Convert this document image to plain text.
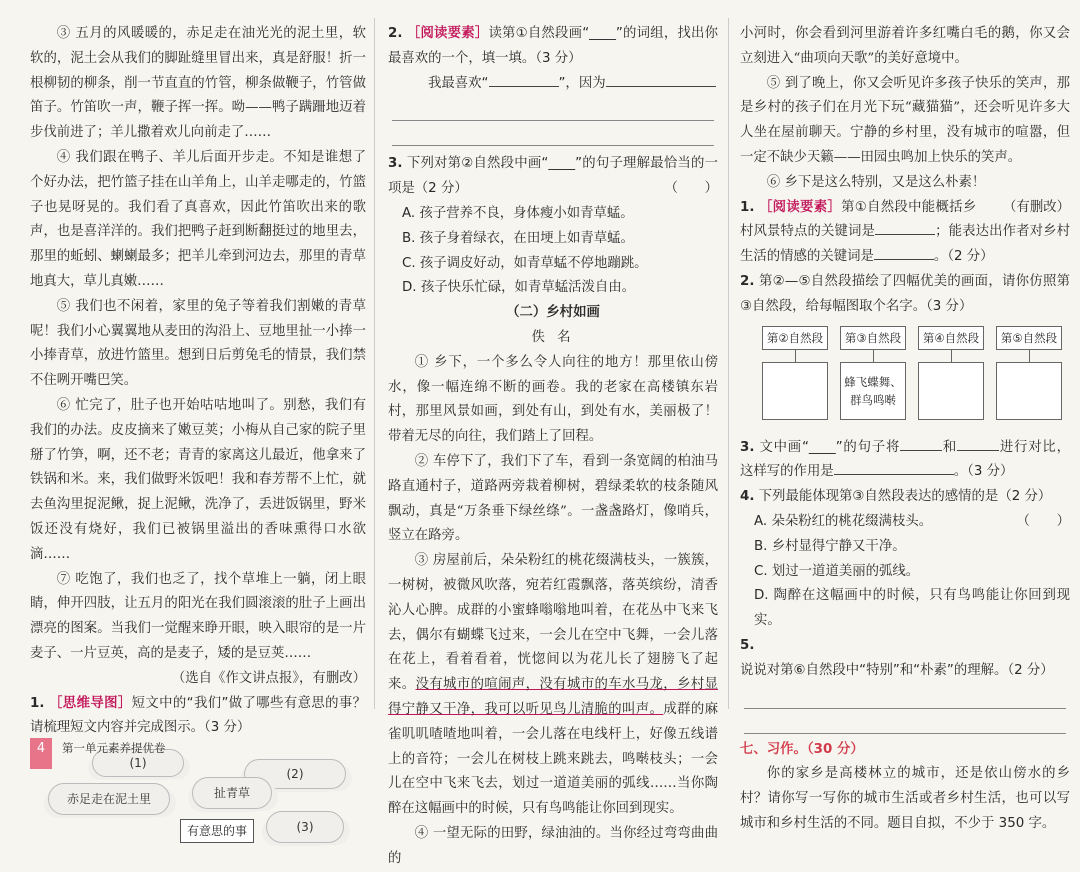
③ 五月的风暖暖的，赤足走在油光光的泥土里，软软的，泥土会从我们的脚趾缝里冒出来，真是舒服！折一根柳韧的柳条，削一节直直的竹管，柳条做鞭子，竹管做笛子。竹笛吹一声，鞭子挥一挥。呦——鸭子蹒跚地迈着步伐前进了；羊儿撒着欢儿向前走了……

④ 我们跟在鸭子、羊儿后面开步走。不知是谁想了个好办法，把竹篮子挂在山羊角上，山羊走哪走的，竹篮子也晃呀晃的。我们看了真喜欢，因此竹笛吹出来的歌声，也是喜洋洋的。我们把鸭子赶到断翻挺过的地里去，那里的蚯蚓、蝲蝲最多；把羊儿牵到河边去，那里的青草地真大，草儿真嫩……

⑤ 我们也不闲着，家里的兔子等着我们割嫩的青草呢！我们小心翼翼地从麦田的沟沿上、豆地里扯一小捧一小捧青草，放进竹篮里。想到日后剪兔毛的情景，我们禁不住咧开嘴巴笑。

⑥ 忙完了，肚子也开始咕咕地叫了。别愁，我们有我们的办法。皮皮摘来了嫩豆荚；小梅从自己家的院子里掰了竹笋，啊，还不老；青青的家离这儿最近，他拿来了铁锅和米。来，我们做野米饭吧！我和春芳帮不上忙，就去鱼沟里捉泥鳅，捉上泥鳅，洗净了，丢进饭锅里，野米饭还没有烧好，我们已被锅里溢出的香味熏得口水欲滴……

⑦ 吃饱了，我们也乏了，找个草堆上一躺，闭上眼睛，伸开四肢，让五月的阳光在我们圆滚滚的肚子上画出漂亮的图案。当我们一觉醒来睁开眼，映入眼帘的是一片麦子、一片豆英，高的是麦子，矮的是豆荚……

（选自《作文讲点报》，有删改）

1. ［思维导图］短文中的“我们”做了哪些有意思的事？请梳理短文内容并完成图示。（3 分）

(1)
(2)
赤足走在泥土里	扯青草
有意思的事	(3)

2. ［阅读要素］读第①自然段画“____”的词组，找出你最喜欢的一个，填一填。（3 分）

我最喜欢“	”，因为

3. 下列对第②自然段中画“____”的句子理解最恰当的一项是（2 分）	（　　）

A. 孩子营养不良，身体瘦小如青草蜢。

B. 孩子身着绿衣，在田埂上如青草蜢。

C. 孩子调皮好动，如青草蜢不停地蹦跳。

D. 孩子快乐忙碌，如青草蜢活泼自由。

（二）乡村如画

佚 名

① 乡下，一个多么令人向往的地方！那里依山傍水，像一幅连绵不断的画卷。我的老家在高楼镇东岩村，那里风景如画，到处有山，到处有水，美丽极了！带着无尽的向往，我们踏上了回程。

② 车停下了，我们下了车，看到一条宽阔的柏油马路直通村子，道路两旁栽着柳树，碧绿柔软的枝条随风飘动，真是“万条垂下绿丝绦”。一盏盏路灯，像哨兵，竖立在路旁。

③ 房屋前后，朵朵粉红的桃花缀满枝头，一簇簇，一树树，被微风吹落，宛若红霞飘落，落英缤纷，清香沁人心脾。成群的小蜜蜂嗡嗡地叫着，在花丛中飞来飞去，偶尔有蝴蝶飞过来，一会儿在空中飞舞，一会儿落在花上，看着看着，恍惚间以为花儿长了翅膀飞了起来。没有城市的喧闹声，没有城市的车水马龙，乡村显得宁静又干净，我可以听见鸟儿清脆的叫声。成群的麻雀叽叽喳喳地叫着，一会儿落在电线杆上，好像五线谱上的音符；一会儿在树枝上跳来跳去，鸣啭枝头；一会儿在空中飞来飞去，划过一道道美丽的弧线……当你陶醉在这幅画中的时候，只有鸟鸣能让你回到现实。

④ 一望无际的田野，绿油油的。当你经过弯弯曲曲的

小河时，你会看到河里游着许多红嘴白毛的鹅，你又会立刻进入“曲项向天歌”的美好意境中。

⑤ 到了晚上，你又会听见许多孩子快乐的笑声，那是乡村的孩子们在月光下玩“藏猫猫”，还会听见许多大人坐在屋前聊天。宁静的乡村里，没有城市的喧嚣，但一定不缺少天籁——田园虫鸣加上快乐的笑声。

⑥ 乡下是这么特别，又是这么朴素！
（有删改）

1. ［阅读要素］第①自然段中能概括乡村风景特点的关键词是	；能表达出作者对乡村生活的情感的关键词是	。（2 分）

2. 第②—⑤自然段描绘了四幅优美的画面，请你仿照第③自然段，给每幅图取个名字。（3 分）

第②自然段	第③自然段	第④自然段	第⑤自然段
蜂飞蝶舞、
群鸟鸣啭

3. 文中画“____”的句子将	和	进行对比，这样写的作用是	。（3 分）

4. 下列最能体现第③自然段表达的感情的是（2 分）
（　　）

A. 朵朵粉红的桃花缀满枝头。

B. 乡村显得宁静又干净。

C. 划过一道道美丽的弧线。

D. 陶醉在这幅画中的时候，只有鸟鸣能让你回到现实。

5. 说说对第⑥自然段中“特别”和“朴素”的理解。（2 分）

七、习作。（30 分）

你的家乡是高楼林立的城市，还是依山傍水的乡村？请你写一写你的城市生活或者乡村生活，也可以写城市和乡村生活的不同。题目自拟，不少于 350 字。

4	第一单元素养提优卷
